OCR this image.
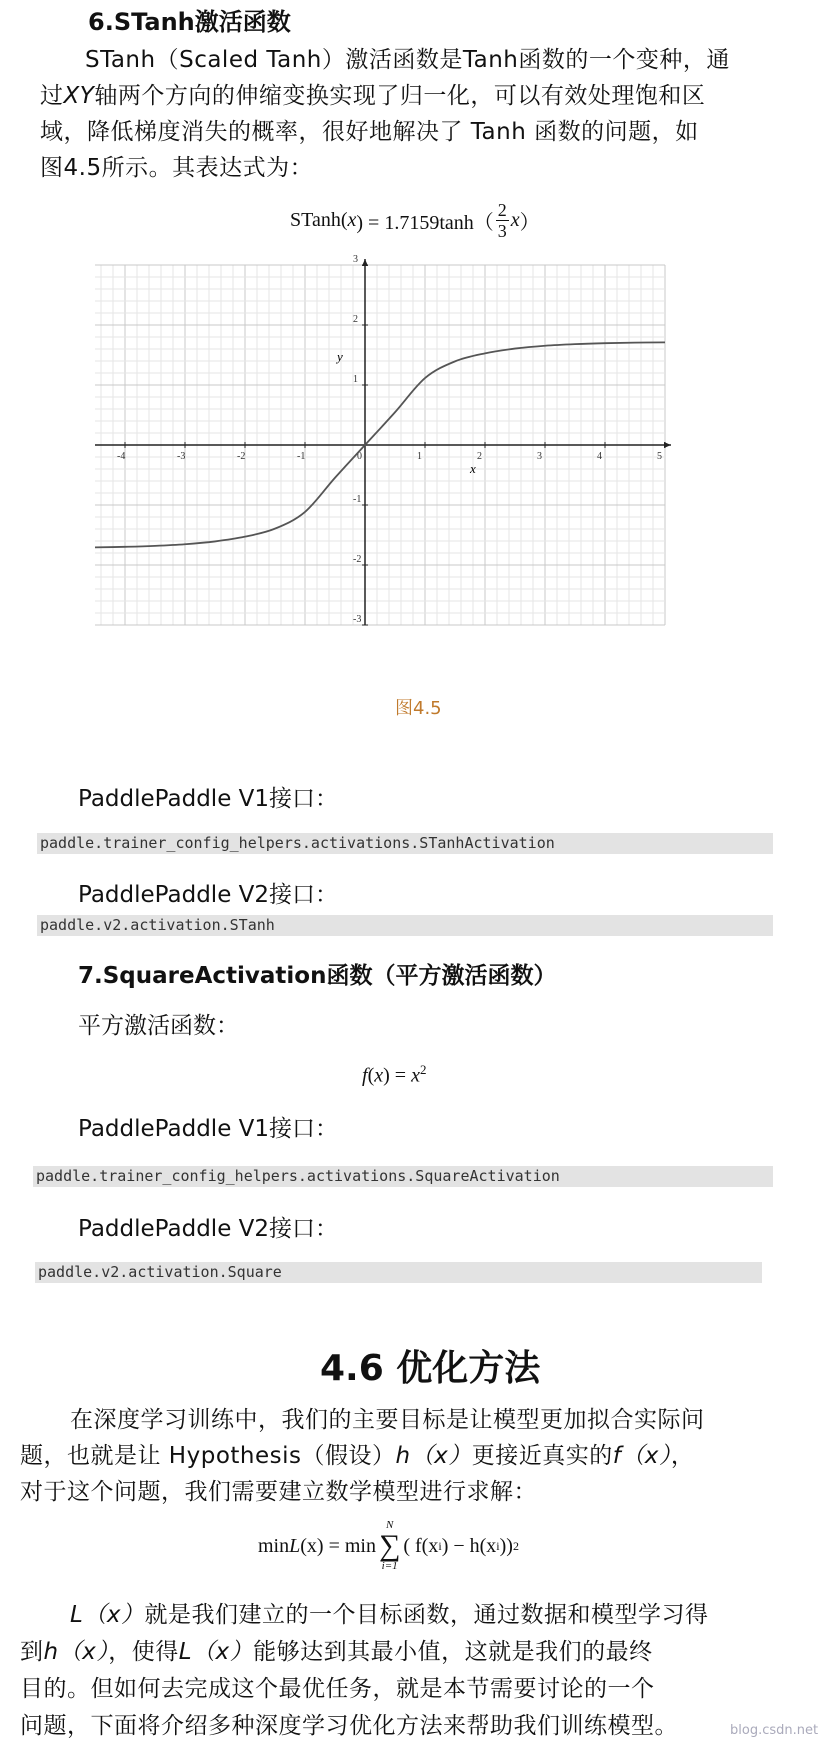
6.STanh激活函数
STanh（Scaled Tanh）激活函数是Tanh函数的一个变种，通
过XY轴两个方向的伸缩变换实现了归一化，可以有效处理饱和区
域，降低梯度消失的概率，很好地解决了 Tanh 函数的问题，如
图4.5所示。其表达式为：
STanh( x ) = 1.7159tanh（
2
3 x ）
-4	-3	-2	-1	0	1	2	3	4	5
3
2
1
-1
-2
-3
x
y
图4.5
PaddlePaddle V1接口：
paddle.trainer_config_helpers.activations.STanhActivation
PaddlePaddle V2接口：
paddle.v2.activation.STanh
7.SquareActivation函数（平方激活函数）
平方激活函数：
$f(x) = x^2$
PaddlePaddle V1接口：
paddle.trainer_config_helpers.activations.SquareActivation
PaddlePaddle V2接口：
paddle.v2.activation.Square
4.6 优化方法
在深度学习训练中，我们的主要目标是让模型更加拟合实际问
题，也就是让 Hypothesis（假设）h（x）更接近真实的f（x），
对于这个问题，我们需要建立数学模型进行求解：
min L (x) = min
N
∑
i=1
( f(x i ) − h(x i )) 2
L（x）就是我们建立的一个目标函数，通过数据和模型学习得
到h（x），使得L（x）能够达到其最小值，这就是我们的最终
目的。但如何去完成这个最优任务，就是本节需要讨论的一个
问题，下面将介绍多种深度学习优化方法来帮助我们训练模型。	blog.csdn.net
